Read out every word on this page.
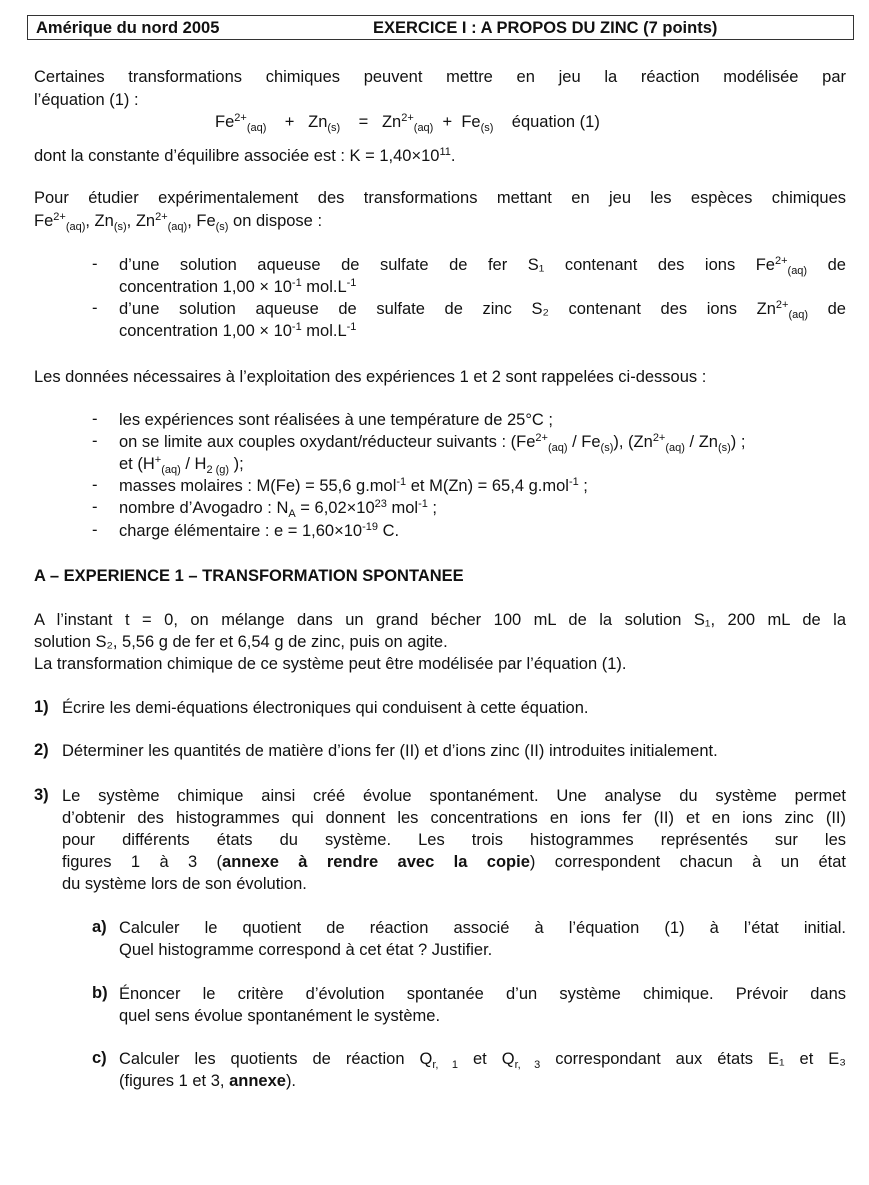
Amérique du nord 2005	EXERCICE I : A PROPOS DU ZINC (7 points)
Certaines transformations chimiques peuvent mettre en jeu la réaction modélisée par
l’équation (1) :
$Fe^{2+}_{(aq)} + Zn_{(s)} = Zn^{2+}_{(aq)} + Fe_{(s)}$ équation (1)
dont la constante d’équilibre associée est : $K = 1,40\times 10^{11}$.
Pour étudier expérimentalement des transformations mettant en jeu les espèces chimiques
$Fe^{2+}_{(aq)}$, $Zn_{(s)}$, $Zn^{2+}_{(aq)}$, $Fe_{(s)}$ on dispose :
- d’une solution aqueuse de sulfate de fer S₁ contenant des ions $Fe^{2+}_{(aq)}$ de
concentration $1,00 \times 10^{-1}$ $mol.L^{-1}$
- d’une solution aqueuse de sulfate de zinc S₂ contenant des ions $Zn^{2+}_{(aq)}$ de
concentration $1,00 \times 10^{-1}$ $mol.L^{-1}$
Les données nécessaires à l’exploitation des expériences 1 et 2 sont rappelées ci-dessous :
- les expériences sont réalisées à une température de 25°C ;
- on se limite aux couples oxydant/réducteur suivants : $(Fe^{2+}_{(aq)} / Fe_{(s)})$, $(Zn^{2+}_{(aq)} / Zn_{(s)})$ ;
et ($H^+_{(aq)} / H_{2 (g)}$ );
- masses molaires : M(Fe) = 55,6 g.mol$^{-1}$ et M(Zn) = 65,4 g.mol$^{-1}$ ;
- nombre d’Avogadro : $N_A = 6,02\times 10^{23}$ mol$^{-1}$ ;
- charge élémentaire : $e = 1,60\times 10^{-19}$ C.
A – EXPERIENCE 1 – TRANSFORMATION SPONTANEE
A l’instant t = 0, on mélange dans un grand bécher 100 mL de la solution S₁, 200 mL de la
solution S₂, 5,56 g de fer et 6,54 g de zinc, puis on agite.
La transformation chimique de ce système peut être modélisée par l’équation (1).
1) Écrire les demi-équations électroniques qui conduisent à cette équation.
2) Déterminer les quantités de matière d’ions fer (II) et d’ions zinc (II) introduites initialement.
3) Le système chimique ainsi créé évolue spontanément. Une analyse du système permet
d’obtenir des histogrammes qui donnent les concentrations en ions fer (II) et en ions zinc (II)
pour différents états du système. Les trois histogrammes représentés sur les
figures 1 à 3 (annexe à rendre avec la copie) correspondent chacun à un état
du système lors de son évolution.
a) Calculer le quotient de réaction associé à l’équation (1) à l’état initial.
Quel histogramme correspond à cet état ? Justifier.
b) Énoncer le critère d’évolution spontanée d’un système chimique. Prévoir dans
quel sens évolue spontanément le système.
c) Calculer les quotients de réaction $Q_{r, 1}$ et $Q_{r, 3}$ correspondant aux états E₁ et E₃
(figures 1 et 3, annexe).
